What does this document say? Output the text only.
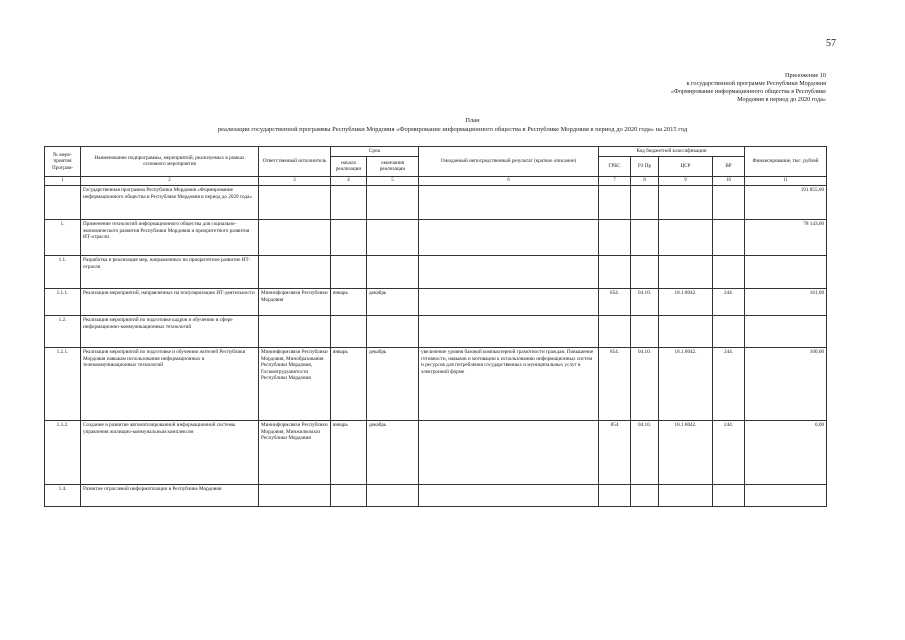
57
Приложение 10
к государственной программе Республики Мордовия
«Формирование информационного общества в Республике
Мордовия в период до 2020 года»
План
реализации государственной программы Республики Мордовия «Формирование информационного общества в Республике Мордовия в период до 2020 года» на 2015 год
№ меро-приятия Програм-	Наименование подпрограммы, мероприятий, реализуемых в рамках основного мероприятия	Ответственный исполнитель	Срок		Ожидаемый непосредственный результат (краткое описание)	Код бюджетной классификации				Финансирование, тыс. рублей
			начала реализации	окончания реализации		ГРБС	РЗ Пр	ЦСР	ВР	
1	2	3	4	5	6	7	8	9	10	11
	Государственная программа Республики Мордовия «Формирование информационного общества в Республике Мордовия в период до 2020 года»									191 855,00
1.	Применение технологий информационного общества для социально-экономического развития Республики Мордовия и приоритетного развития ИТ-отрасли									78 143,00
1.1.	Разработка и реализация мер, направленных на приоритетное развитие ИТ-отрасли									
1.1.1.	Реализация мероприятий, направленных на популяризацию ИТ-деятельности	Мининформсвязи Республики Мордовия	январь	декабрь		854.	04.10.	18.1.8042.	244.	161,00
1.2.	Реализация мероприятий по подготовке кадров и обучению в сфере информационно-коммуникационных технологий									
1.2.1.	Реализация мероприятий по подготовке и обучению жителей Республики Мордовия навыкам использования информационных и телекоммуникационных технологий	Мининформсвязи Республики Мордовия, Минобразования Республики Мордовия, Госкомтрудзанятости Республики Мордовия	январь	декабрь	увеличение уровня базовой компьютерной грамотности граждан. Повышение готовности, навыков и мотивации к использованию информационных систем и ресурсов для потребления государственных и муниципальных услуг в электронной форме	854.	04.10.	18.1.8042.	244.	100,00
1.3.2.	Создание и развитие автоматизированной информационной системы управления жилищно-коммунальным комплексом	Мининформсвязи Республики Мордовия, Минжилкомхоз Республики Мордовия	январь	декабрь		854	04.10.	18.1.8042.	244.	0,00
1.4.	Развитие отраслевой информатизации в Республике Мордовия									
